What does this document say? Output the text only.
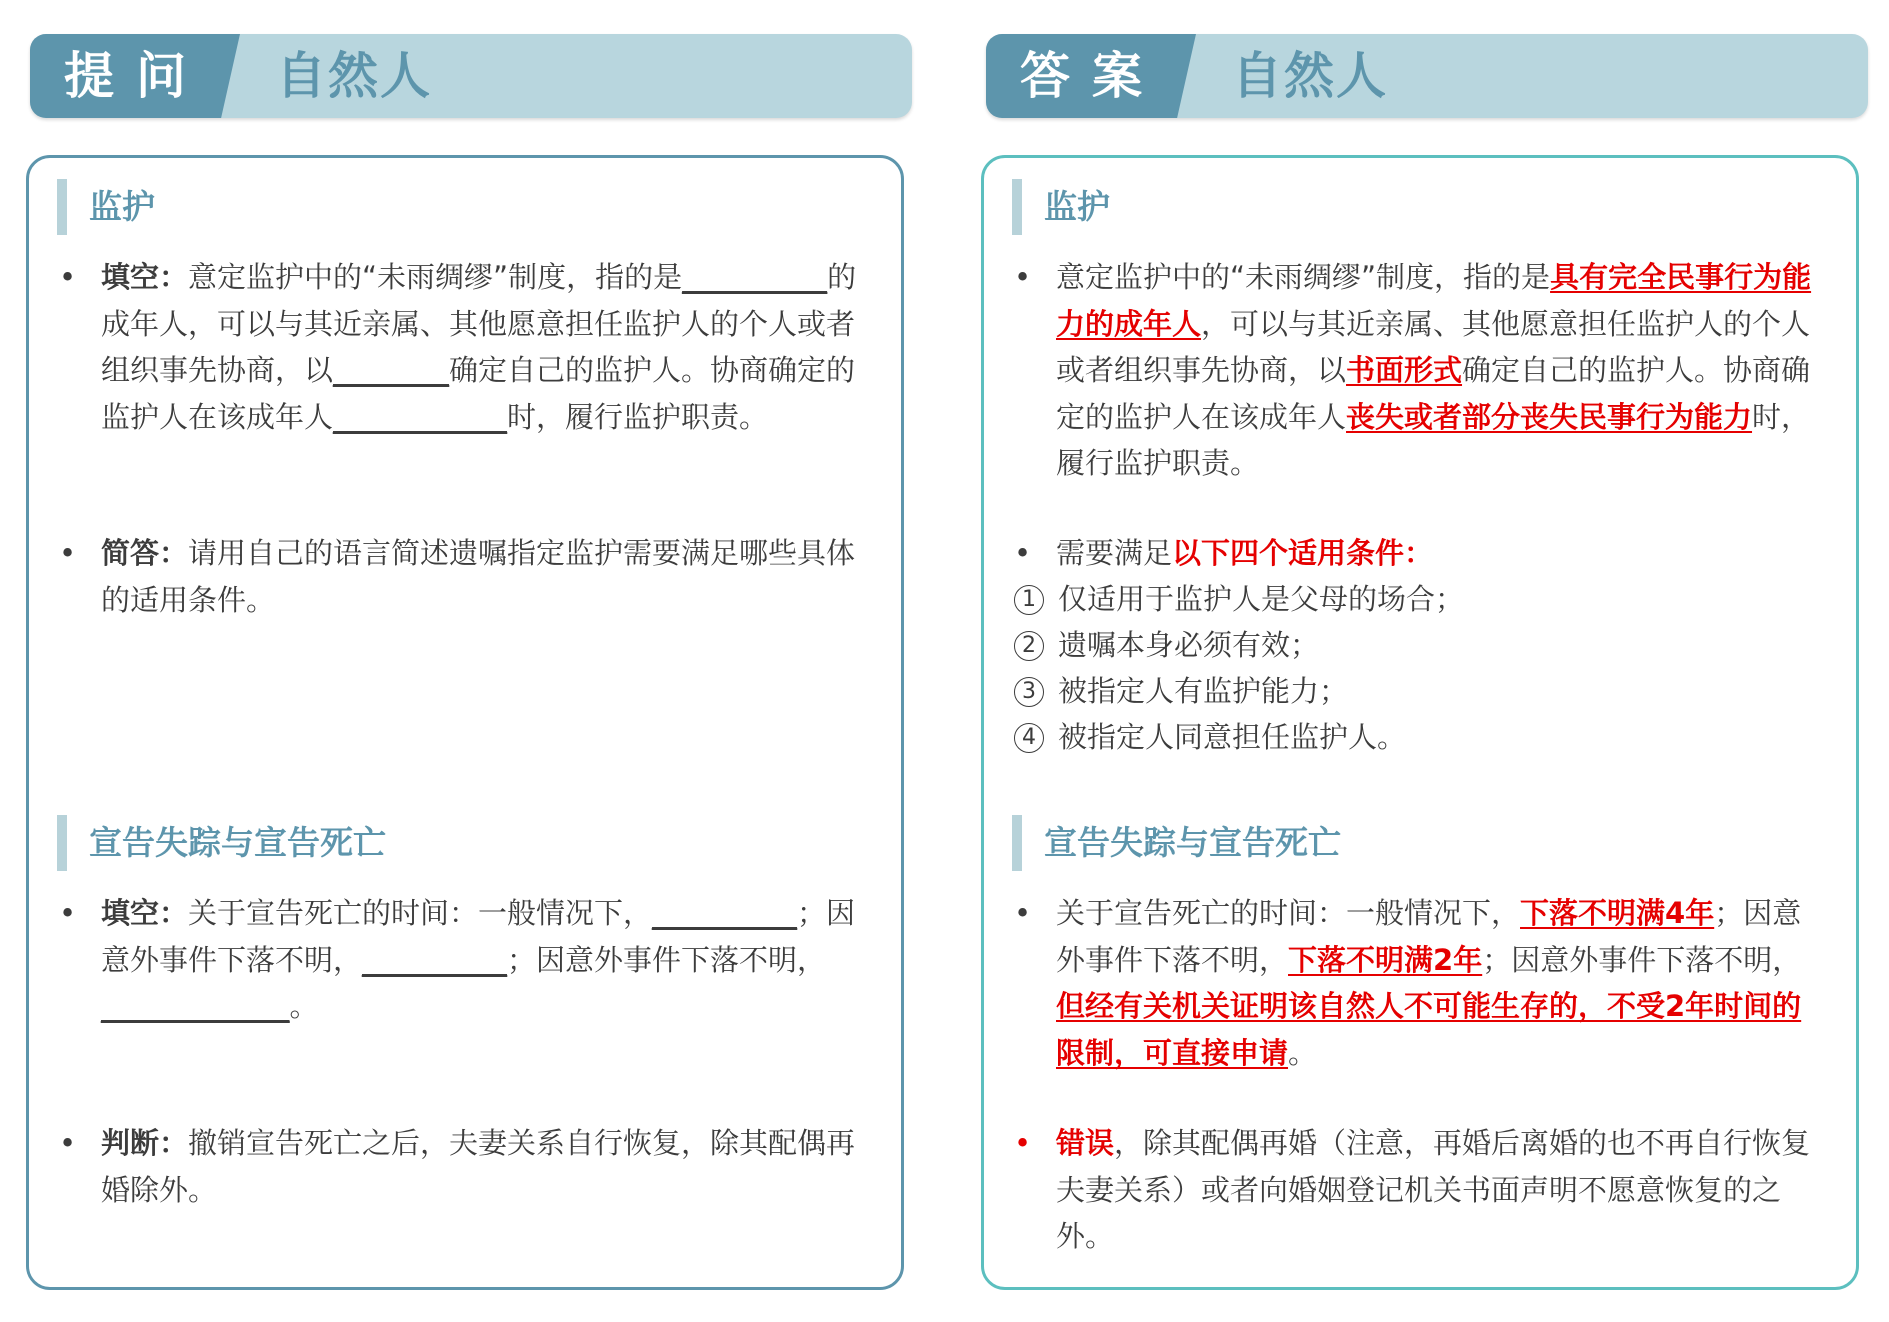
提问 自然人	答案 自然人
监护
• 填空：意定监护中的“未雨绸缪”制度，指的是__________的成年人，可以与其近亲属、其他愿意担任监护人的个人或者组织事先协商，以________确定自己的监护人。协商确定的监护人在该成年人____________时，履行监护职责。
• 简答：请用自己的语言简述遗嘱指定监护需要满足哪些具体的适用条件。
宣告失踪与宣告死亡
• 填空：关于宣告死亡的时间：一般情况下，__________；因意外事件下落不明，__________；因意外事件下落不明，_____________。
• 判断：撤销宣告死亡之后，夫妻关系自行恢复，除其配偶再婚除外。
监护
• 意定监护中的“未雨绸缪”制度，指的是具有完全民事行为能力的成年人，可以与其近亲属、其他愿意担任监护人的个人或者组织事先协商，以书面形式确定自己的监护人。协商确定的监护人在该成年人丧失或者部分丧失民事行为能力时，履行监护职责。
• 需要满足以下四个适用条件：
1 仅适用于监护人是父母的场合；
2 遗嘱本身必须有效；
3 被指定人有监护能力；
4 被指定人同意担任监护人。
宣告失踪与宣告死亡
• 关于宣告死亡的时间：一般情况下，下落不明满4年；因意外事件下落不明，下落不明满2年；因意外事件下落不明，但经有关机关证明该自然人不可能生存的，不受2年时间的限制，可直接申请。
• 错误，除其配偶再婚（注意，再婚后离婚的也不再自行恢复夫妻关系）或者向婚姻登记机关书面声明不愿意恢复的之外。
